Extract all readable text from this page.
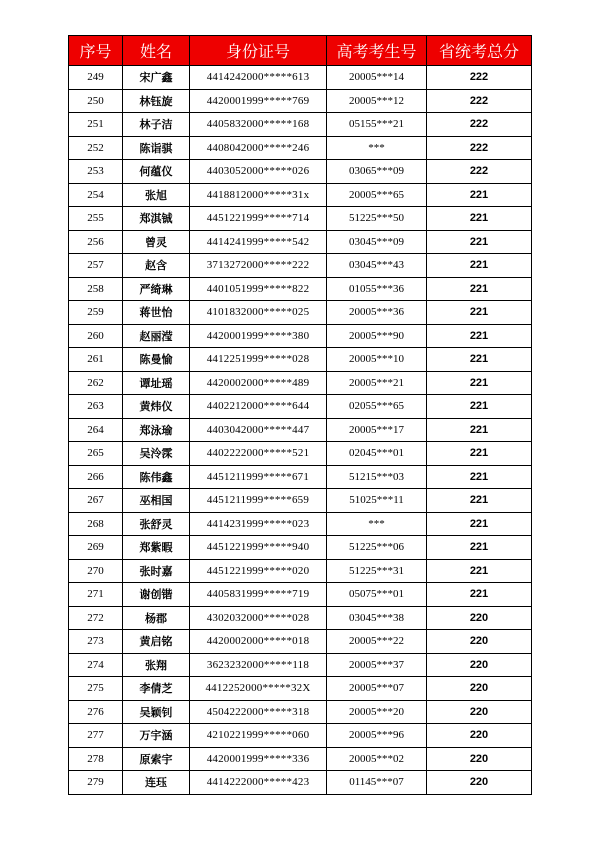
序号	姓名	身份证号	高考考生号	省统考总分
249	宋广鑫	4414242000*****613	20005***14	222
250	林钰旋	4420001999*****769	20005***12	222
251	林子洁	4405832000*****168	05155***21	222
252	陈诣骐	4408042000*****246	***	222
253	何蕴仪	4403052000*****026	03065***09	222
254	张旭	4418812000*****31x	20005***65	221
255	郑淇铖	4451221999*****714	51225***50	221
256	曾灵	4414241999*****542	03045***09	221
257	赵含	3713272000*****222	03045***43	221
258	严绮琳	4401051999*****822	01055***36	221
259	蒋世怡	4101832000*****025	20005***36	221
260	赵丽滢	4420001999*****380	20005***90	221
261	陈曼愉	4412251999*****028	20005***10	221
262	谭址瑶	4420002000*****489	20005***21	221
263	黄炜仪	4402212000*****644	02055***65	221
264	郑泳瑜	4403042000*****447	20005***17	221
265	吴泠霂	4402222000*****521	02045***01	221
266	陈伟鑫	4451211999*****671	51215***03	221
267	巫相国	4451211999*****659	51025***11	221
268	张舒灵	4414231999*****023	***	221
269	郑紫暇	4451221999*****940	51225***06	221
270	张时嘉	4451221999*****020	51225***31	221
271	谢创锴	4405831999*****719	05075***01	221
272	杨郡	4302032000*****028	03045***38	220
273	黄启铭	4420002000*****018	20005***22	220
274	张翔	3623232000*****118	20005***37	220
275	李倩芝	4412252000*****32X	20005***07	220
276	吴颖钊	4504222000*****318	20005***20	220
277	万宇涵	4210221999*****060	20005***96	220
278	原索宇	4420001999*****336	20005***02	220
279	连珏	4414222000*****423	01145***07	220
